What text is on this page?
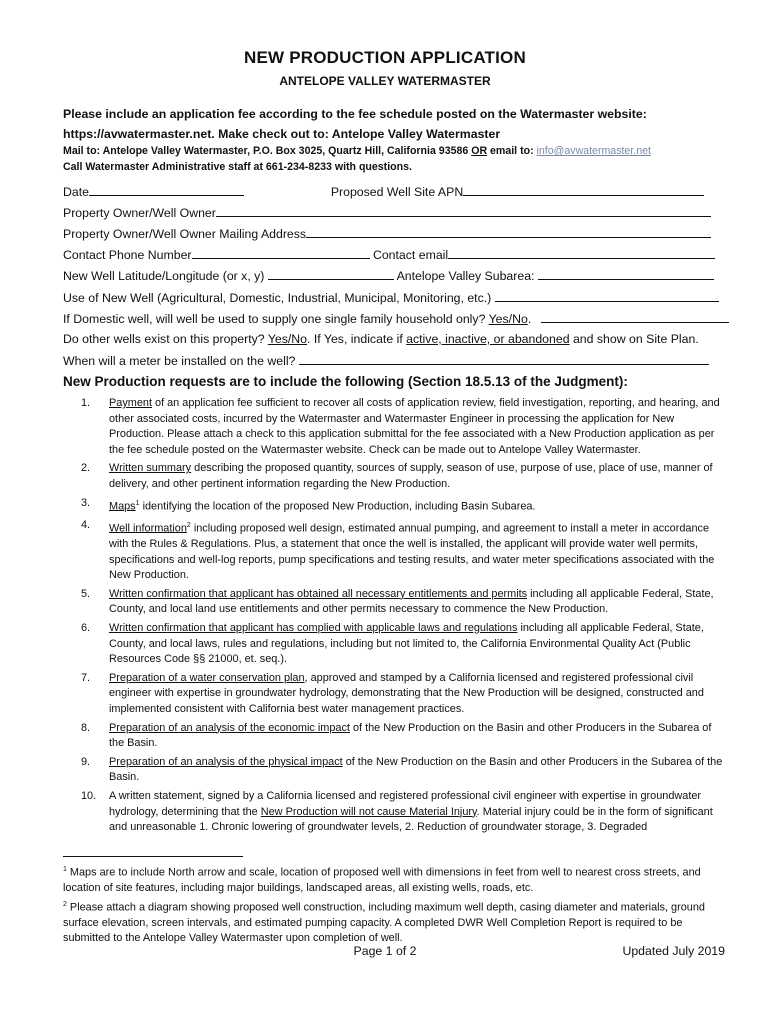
NEW PRODUCTION APPLICATION
ANTELOPE VALLEY WATERMASTER
Please include an application fee according to the fee schedule posted on the Watermaster website:
https://avwatermaster.net. Make check out to: Antelope Valley Watermaster
Mail to: Antelope Valley Watermaster, P.O. Box 3025, Quartz Hill, California 93586 OR email to: info@avwatermaster.net
Call Watermaster Administrative staff at 661-234-8233 with questions.
Date	Proposed Well Site APN
Property Owner/Well Owner
Property Owner/Well Owner Mailing Address
Contact Phone Number	Contact email
New Well Latitude/Longitude (or x, y)	Antelope Valley Subarea:
Use of New Well (Agricultural, Domestic, Industrial, Municipal, Monitoring, etc.)
If Domestic well, will well be used to supply one single family household only? Yes/No.
Do other wells exist on this property? Yes/No. If Yes, indicate if active, inactive, or abandoned and show on Site Plan.
When will a meter be installed on the well?
New Production requests are to include the following (Section 18.5.13 of the Judgment):
1.	Payment of an application fee sufficient to recover all costs of application review, field investigation, reporting, and hearing, and other associated costs, incurred by the Watermaster and Watermaster Engineer in processing the application for New Production. Please attach a check to this application submittal for the fee associated with a New Production application as per the fee schedule posted on the Watermaster website. Check can be made out to Antelope Valley Watermaster.
2.	Written summary describing the proposed quantity, sources of supply, season of use, purpose of use, place of use, manner of delivery, and other pertinent information regarding the New Production.
3.	Maps$^1$ identifying the location of the proposed New Production, including Basin Subarea.
4.	Well information$^2$ including proposed well design, estimated annual pumping, and agreement to install a meter in accordance with the Rules & Regulations. Plus, a statement that once the well is installed, the applicant will provide water well permits, specifications and well-log reports, pump specifications and testing results, and water meter specifications associated with the New Production.
5.	Written confirmation that applicant has obtained all necessary entitlements and permits including all applicable Federal, State, County, and local land use entitlements and other permits necessary to commence the New Production.
6.	Written confirmation that applicant has complied with applicable laws and regulations including all applicable Federal, State, County, and local laws, rules and regulations, including but not limited to, the California Environmental Quality Act (Public Resources Code §§ 21000, et. seq.).
7.	Preparation of a water conservation plan, approved and stamped by a California licensed and registered professional civil engineer with expertise in groundwater hydrology, demonstrating that the New Production will be designed, constructed and implemented consistent with California best water management practices.
8.	Preparation of an analysis of the economic impact of the New Production on the Basin and other Producers in the Subarea of the Basin.
9.	Preparation of an analysis of the physical impact of the New Production on the Basin and other Producers in the Subarea of the Basin.
10.	A written statement, signed by a California licensed and registered professional civil engineer with expertise in groundwater hydrology, determining that the New Production will not cause Material Injury. Material injury could be in the form of significant and unreasonable 1. Chronic lowering of groundwater levels, 2. Reduction of groundwater storage, 3. Degraded

$^1$ Maps are to include North arrow and scale, location of proposed well with dimensions in feet from well to nearest cross streets, and location of site features, including major buildings, landscaped areas, all existing wells, roads, etc.

$^2$ Please attach a diagram showing proposed well construction, including maximum well depth, casing diameter and materials, ground surface elevation, screen intervals, and estimated pumping capacity. A completed DWR Well Completion Report is required to be submitted to the Antelope Valley Watermaster upon completion of well.

Page 1 of 2	Updated July 2019
